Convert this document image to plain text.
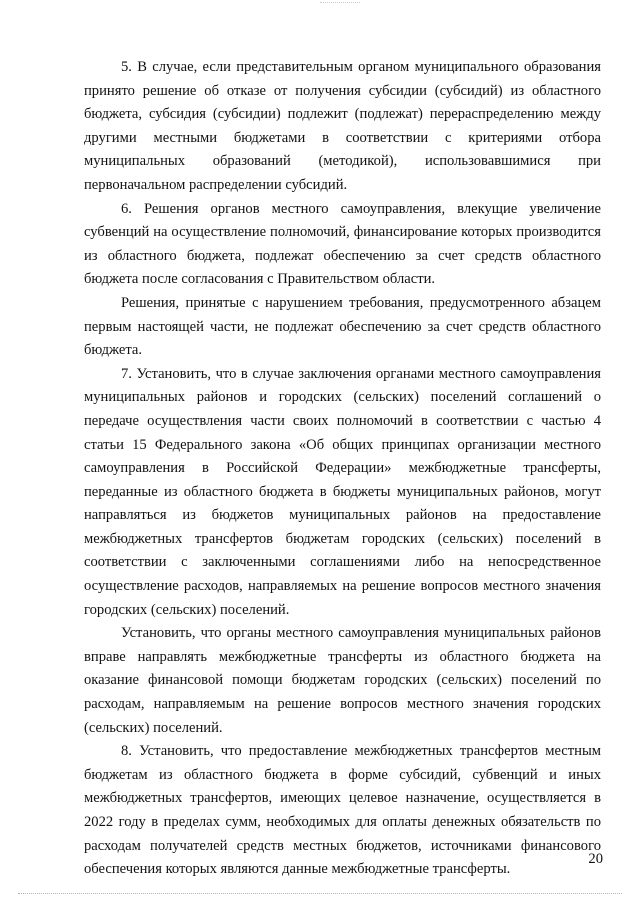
5. В случае, если представительным органом муниципального образования принято решение об отказе от получения субсидии (субсидий) из областного бюджета, субсидия (субсидии) подлежит (подлежат) перераспределению между другими местными бюджетами в соответствии с критериями отбора муниципальных образований (методикой), использовавшимися при первоначальном распределении субсидий.

6. Решения органов местного самоуправления, влекущие увеличение субвенций на осуществление полномочий, финансирование которых производится из областного бюджета, подлежат обеспечению за счет средств областного бюджета после согласования с Правительством области.

Решения, принятые с нарушением требования, предусмотренного абзацем первым настоящей части, не подлежат обеспечению за счет средств областного бюджета.

7. Установить, что в случае заключения органами местного самоуправления муниципальных районов и городских (сельских) поселений соглашений о передаче осуществления части своих полномочий в соответствии с частью 4 статьи 15 Федерального закона «Об общих принципах организации местного самоуправления в Российской Федерации» межбюджетные трансферты, переданные из областного бюджета в бюджеты муниципальных районов, могут направляться из бюджетов муниципальных районов на предоставление межбюджетных трансфертов бюджетам городских (сельских) поселений в соответствии с заключенными соглашениями либо на непосредственное осуществление расходов, направляемых на решение вопросов местного значения городских (сельских) поселений.

Установить, что органы местного самоуправления муниципальных районов вправе направлять межбюджетные трансферты из областного бюджета на оказание финансовой помощи бюджетам городских (сельских) поселений по расходам, направляемым на решение вопросов местного значения городских (сельских) поселений.

8. Установить, что предоставление межбюджетных трансфертов местным бюджетам из областного бюджета в форме субсидий, субвенций и иных межбюджетных трансфертов, имеющих целевое назначение, осуществляется в 2022 году в пределах сумм, необходимых для оплаты денежных обязательств по расходам получателей средств местных бюджетов, источниками финансового обеспечения которых являются данные межбюджетные трансферты.

20
